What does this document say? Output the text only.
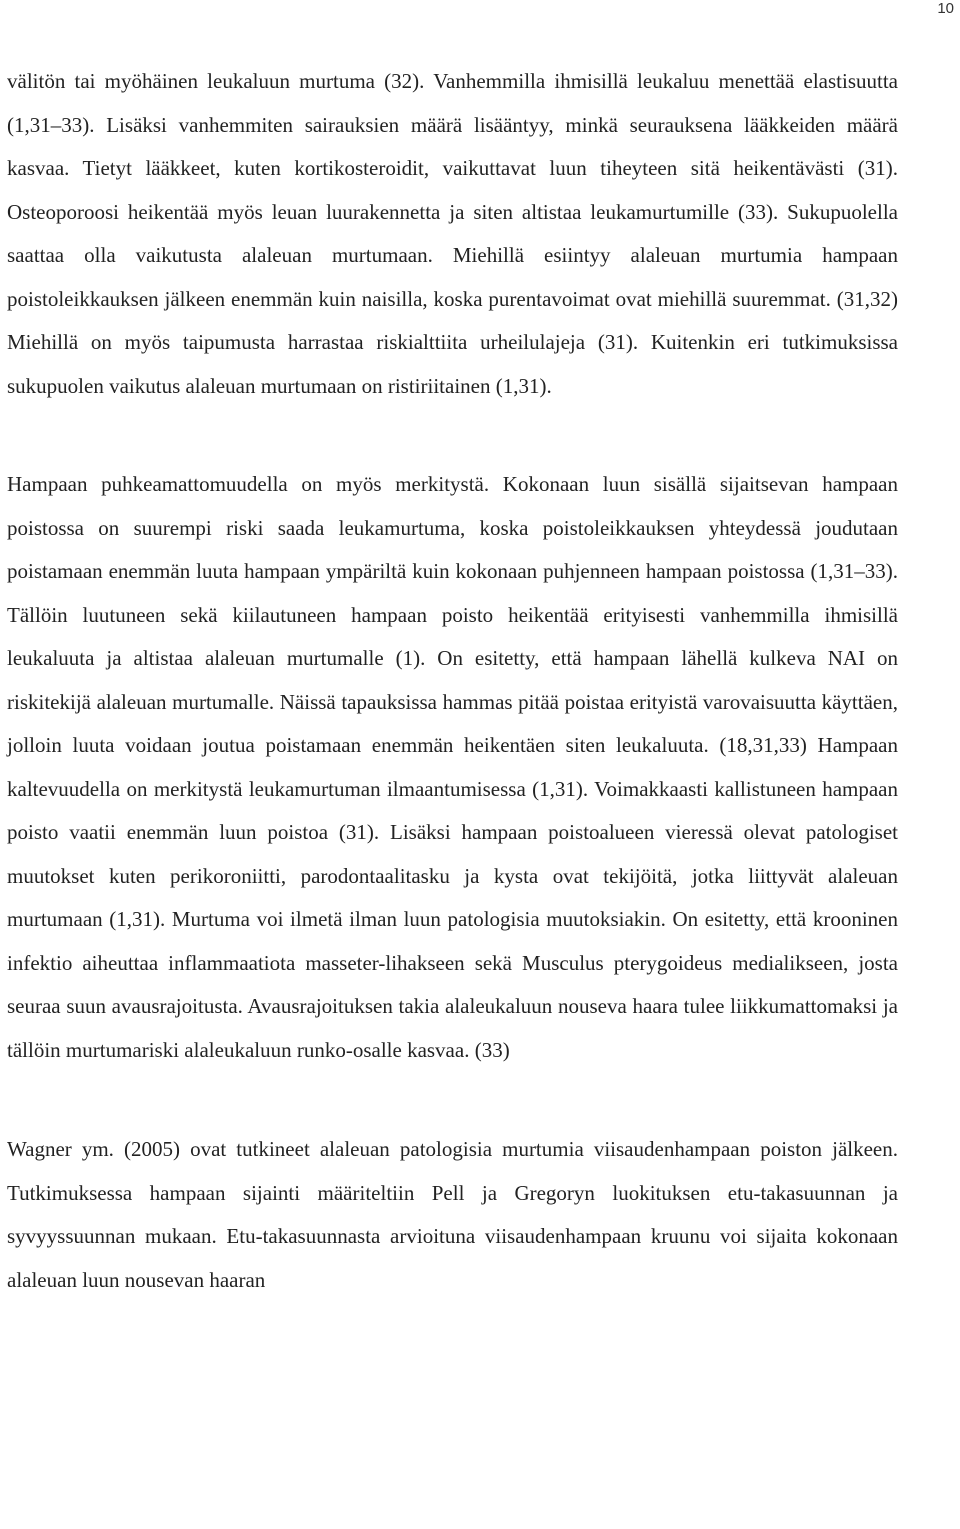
10

välitön tai myöhäinen leukaluun murtuma (32). Vanhemmilla ihmisillä leukaluu menettää elastisuutta (1,31–33). Lisäksi vanhemmiten sairauksien määrä lisääntyy, minkä seurauksena lääkkeiden määrä kasvaa. Tietyt lääkkeet, kuten kortikosteroidit, vaikuttavat luun tiheyteen sitä heikentävästi (31). Osteoporoosi heikentää myös leuan luurakennetta ja siten altistaa leukamurtumille (33). Sukupuolella saattaa olla vaikutusta alaleuan murtumaan. Miehillä esiintyy alaleuan murtumia hampaan poistoleikkauksen jälkeen enemmän kuin naisilla, koska purentavoimat ovat miehillä suuremmat. (31,32) Miehillä on myös taipumusta harrastaa riskialttiita urheilulajeja (31). Kuitenkin eri tutkimuksissa sukupuolen vaikutus alaleuan murtumaan on ristiriitainen (1,31).

Hampaan puhkeamattomuudella on myös merkitystä. Kokonaan luun sisällä sijaitsevan hampaan poistossa on suurempi riski saada leukamurtuma, koska poistoleikkauksen yhteydessä joudutaan poistamaan enemmän luuta hampaan ympäriltä kuin kokonaan puhjenneen hampaan poistossa (1,31–33). Tällöin luutuneen sekä kiilautuneen hampaan poisto heikentää erityisesti vanhemmilla ihmisillä leukaluuta ja altistaa alaleuan murtumalle (1). On esitetty, että hampaan lähellä kulkeva NAI on riskitekijä alaleuan murtumalle. Näissä tapauksissa hammas pitää poistaa erityistä varovaisuutta käyttäen, jolloin luuta voidaan joutua poistamaan enemmän heikentäen siten leukaluuta. (18,31,33) Hampaan kaltevuudella on merkitystä leukamurtuman ilmaantumisessa (1,31). Voimakkaasti kallistuneen hampaan poisto vaatii enemmän luun poistoa (31). Lisäksi hampaan poistoalueen vieressä olevat patologiset muutokset kuten perikoroniitti, parodontaalitasku ja kysta ovat tekijöitä, jotka liittyvät alaleuan murtumaan (1,31). Murtuma voi ilmetä ilman luun patologisia muutoksiakin. On esitetty, että krooninen infektio aiheuttaa inflammaatiota masseter-lihakseen sekä Musculus pterygoideus medialikseen, josta seuraa suun avausrajoitusta. Avausrajoituksen takia alaleukaluun nouseva haara tulee liikkumattomaksi ja tällöin murtumariski alaleukaluun runko-osalle kasvaa. (33)

Wagner ym. (2005) ovat tutkineet alaleuan patologisia murtumia viisaudenhampaan poiston jälkeen. Tutkimuksessa hampaan sijainti määriteltiin Pell ja Gregoryn luokituksen etu-takasuunnan ja syvyyssuunnan mukaan. Etu-takasuunnasta arvioituna viisaudenhampaan kruunu voi sijaita kokonaan alaleuan luun nousevan haaran
